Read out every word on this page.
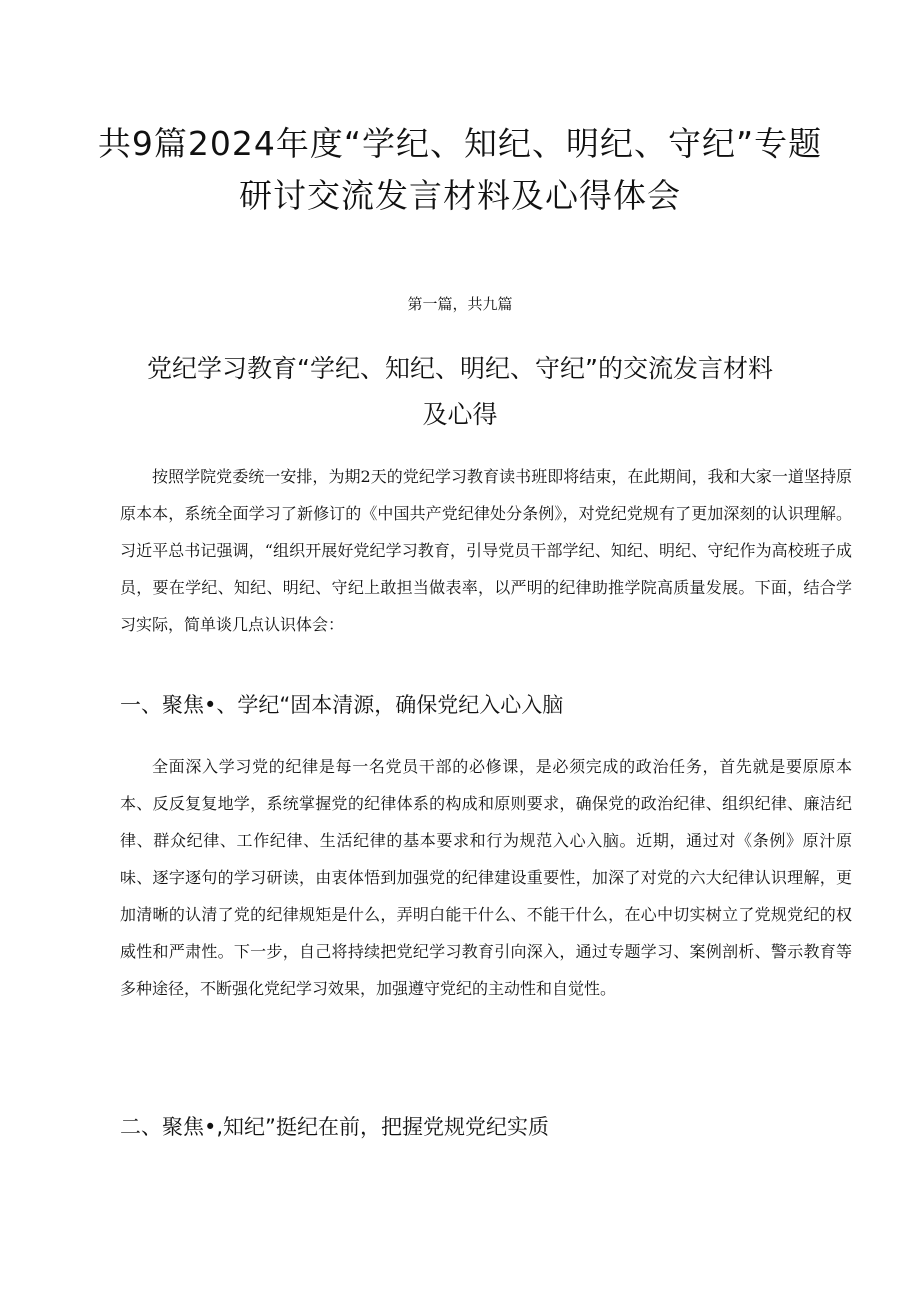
共9篇2024年度“学纪、知纪、明纪、守纪”专题
研讨交流发言材料及心得体会
第一篇，共九篇
党纪学习教育“学纪、知纪、明纪、守纪”的交流发言材料
及心得

按照学院党委统一安排，为期2天的党纪学习教育读书班即将结束，在此期间，我和大家一道坚持原原本本，系统全面学习了新修订的《中国共产党纪律处分条例》，对党纪党规有了更加深刻的认识理解。习近平总书记强调，“组织开展好党纪学习教育，引导党员干部学纪、知纪、明纪、守纪作为高校班子成员，要在学纪、知纪、明纪、守纪上敢担当做表率，以严明的纪律助推学院高质量发展。下面，结合学习实际，简单谈几点认识体会：

一、聚焦•、学纪“固本清源，确保党纪入心入脑

全面深入学习党的纪律是每一名党员干部的必修课，是必须完成的政治任务，首先就是要原原本本、反反复复地学，系统掌握党的纪律体系的构成和原则要求，确保党的政治纪律、组织纪律、廉洁纪律、群众纪律、工作纪律、生活纪律的基本要求和行为规范入心入脑。近期，通过对《条例》原汁原味、逐字逐句的学习研读，由衷体悟到加强党的纪律建设重要性，加深了对党的六大纪律认识理解，更加清晰的认清了党的纪律规矩是什么，弄明白能干什么、不能干什么，在心中切实树立了党规党纪的权威性和严肃性。下一步，自己将持续把党纪学习教育引向深入，通过专题学习、案例剖析、警示教育等多种途径，不断强化党纪学习效果，加强遵守党纪的主动性和自觉性。

二、聚焦•,知纪”挺纪在前，把握党规党纪实质
